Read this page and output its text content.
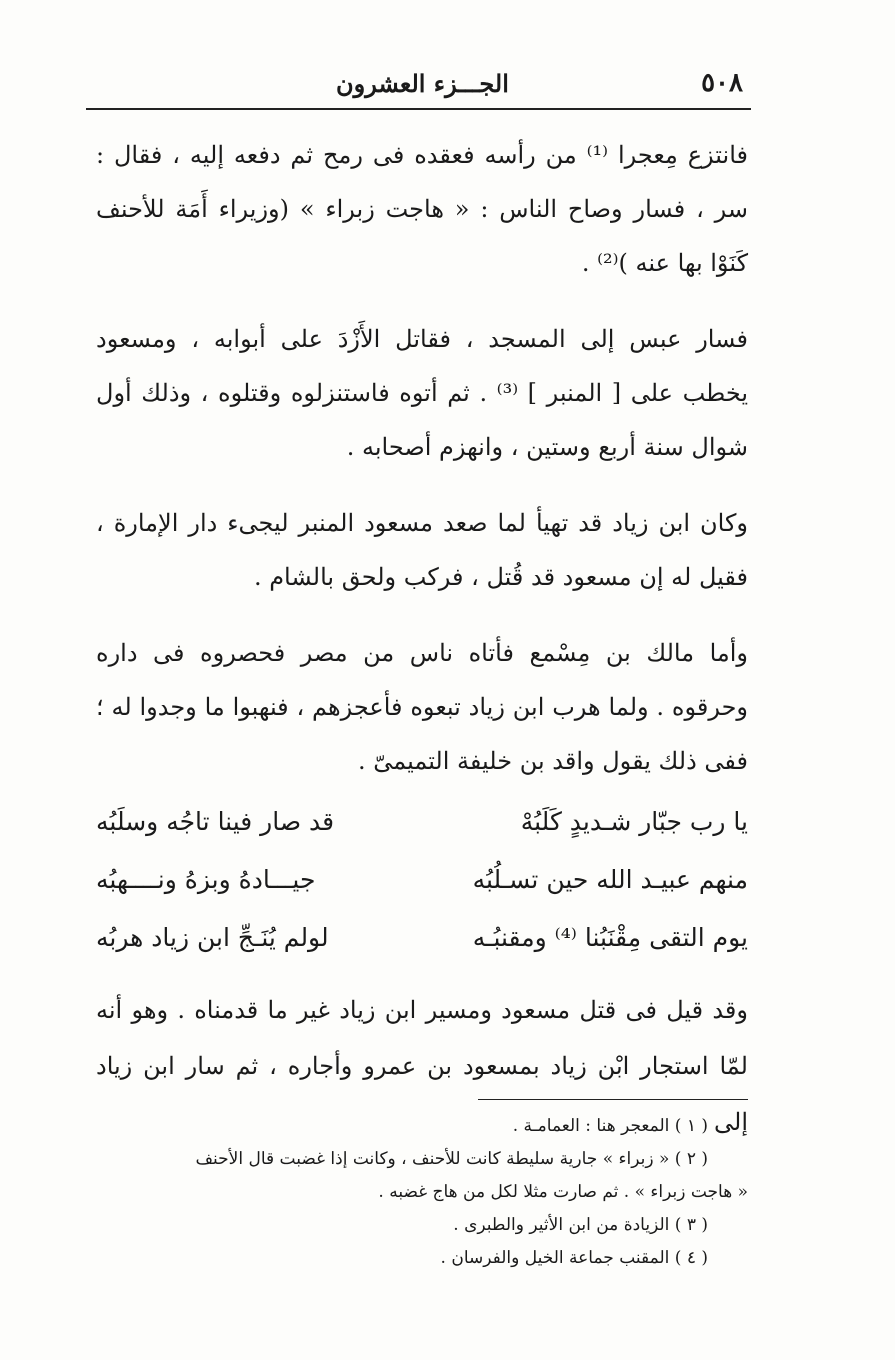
٥٠٨
الجـــزء العشرون

فانتزع مِعجرا ⁽¹⁾ من رأسه فعقده فى رمح ثم دفعه إليه ، فقال : سر ، فسار وصاح الناس : « هاجت زبراء » (وزيراء أَمَة للأحنف كَنَوْا بها عنه )⁽²⁾ .

فسار عبس إلى المسجد ، فقاتل الأَزْدَ على أبوابه ، ومسعود يخطب على [ المنبر ] ⁽³⁾ . ثم أتوه فاستنزلوه وقتلوه ، وذلك أول شوال سنة أربع وستين ، وانهزم أصحابه .

وكان ابن زياد قد تهيأ لما صعد مسعود المنبر ليجىء دار الإمارة ، فقيل له إن مسعود قد قُتل ، فركب ولحق بالشام .

وأما مالك بن مِسْمع فأتاه ناس من مصر فحصروه فى داره وحرقوه . ولما هرب ابن زياد تبعوه فأعجزهم ، فنهبوا ما وجدوا له ؛ ففى ذلك يقول واقد بن خليفة التميمىّ .

يا رب جبّار شـديدٍ كَلَبُهْ
قد صار فينا تاجُه وسلَبُه
منهم عبيـد الله حين تسـلُبُه
جيـــادهُ وبزهُ ونــــهبُه
يوم التقى مِقْنَبُنا ⁽⁴⁾ ومقنبُـه
لولم يُنَـجِّ ابن زياد هربُه

وقد قيل فى قتل مسعود ومسير ابن زياد غير ما قدمناه . وهو أنه لمّا استجار ابْن زياد بمسعود بن عمرو وأجاره ، ثم سار ابن زياد إلى

( ١ ) المعجر هنا : العمامـة .

( ٢ ) « زبراء » جارية سليطة كانت للأحنف ، وكانت إذا غضبت قال الأحنف

« هاجت زبراء » . ثم صارت مثلا لكل من هاج غضبه .

( ٣ ) الزيادة من ابن الأثير والطبرى .

( ٤ ) المقنب جماعة الخيل والفرسان .
